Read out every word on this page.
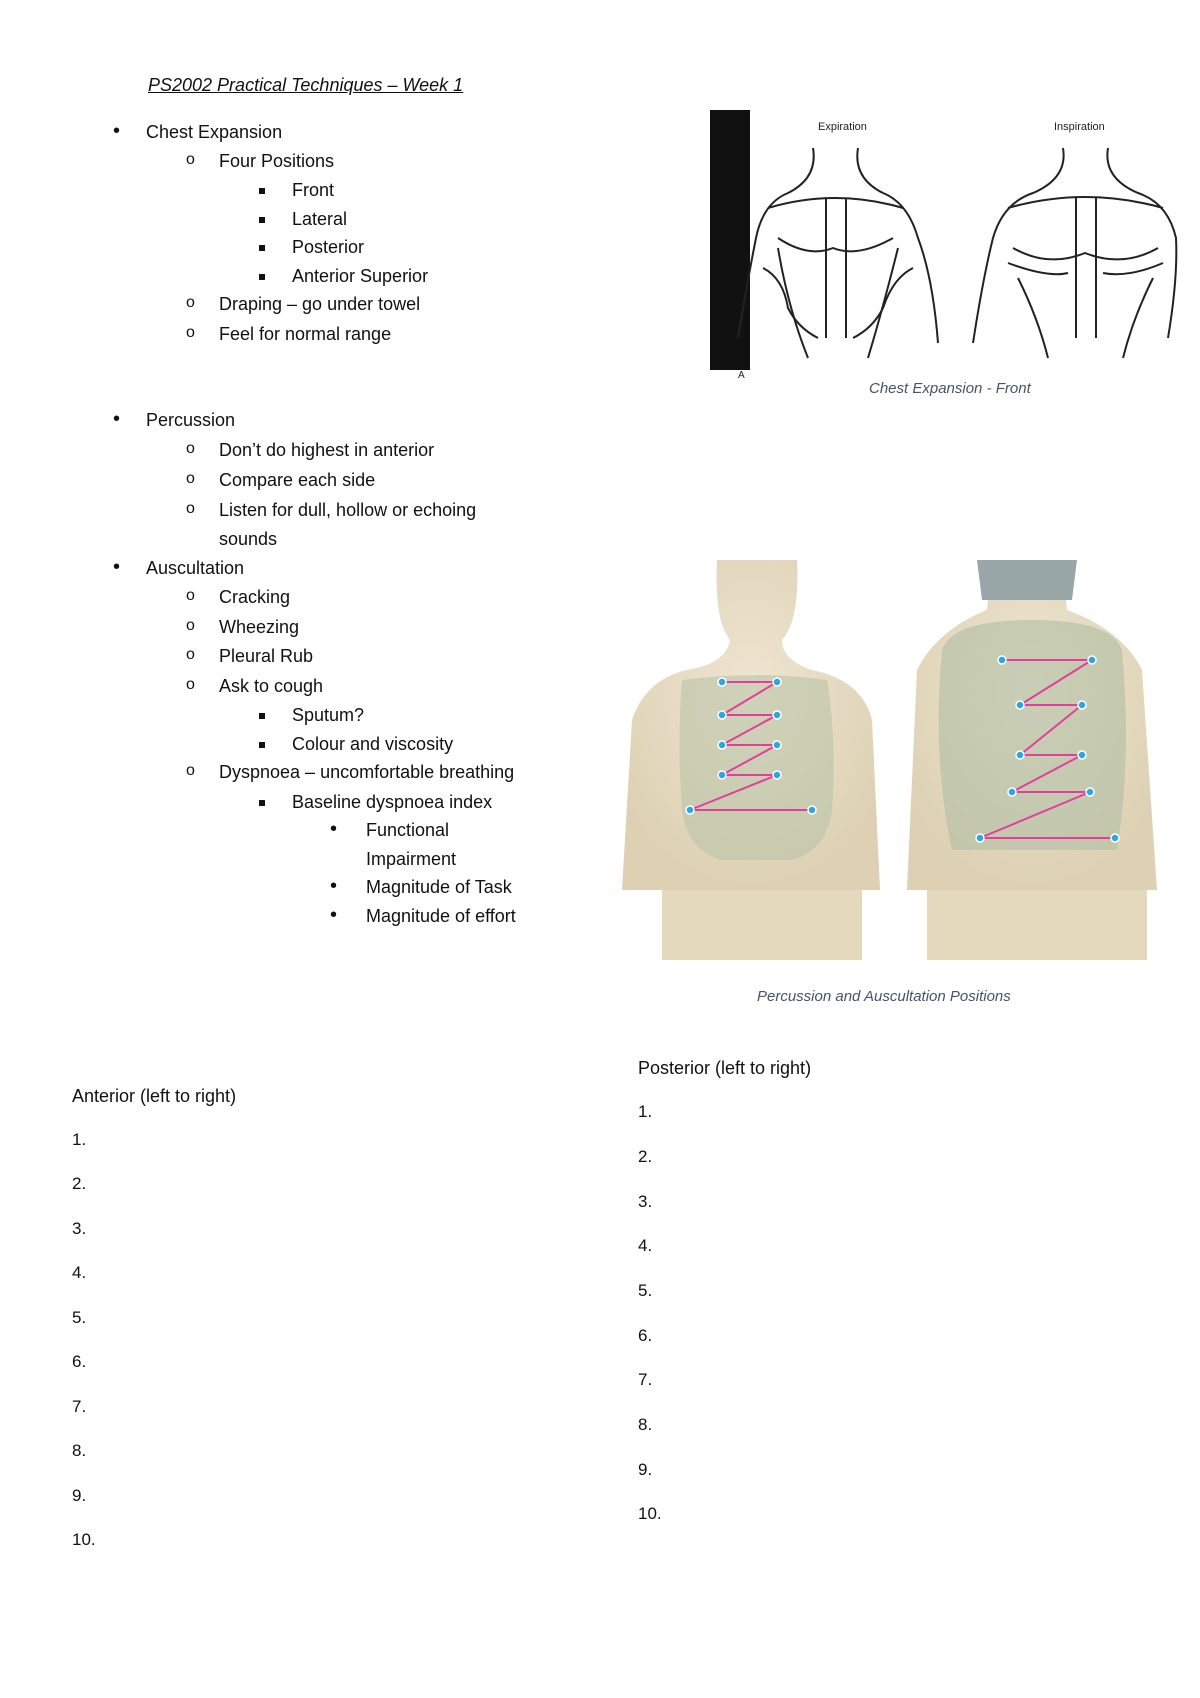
PS2002 Practical Techniques – Week 1
• Chest Expansion
o Four Positions
Front
Lateral
Posterior
Anterior Superior
o Draping – go under towel
o Feel for normal range
• Percussion
o Don’t do highest in anterior
o Compare each side
o Listen for dull, hollow or echoing
sounds
• Auscultation
o Cracking
o Wheezing
o Pleural Rub
o Ask to cough
Sputum?
Colour and viscosity
o Dyspnoea – uncomfortable breathing
Baseline dyspnoea index
• Functional
Impairment
• Magnitude of Task
• Magnitude of effort
Expiration	Inspiration
A
Chest Expansion - Front
Percussion and Auscultation Positions
Anterior (left to right)
1.
2.
3.
4.
5.
6.
7.
8.
9.
10.
Posterior (left to right)
1.
2.
3.
4.
5.
6.
7.
8.
9.
10.
